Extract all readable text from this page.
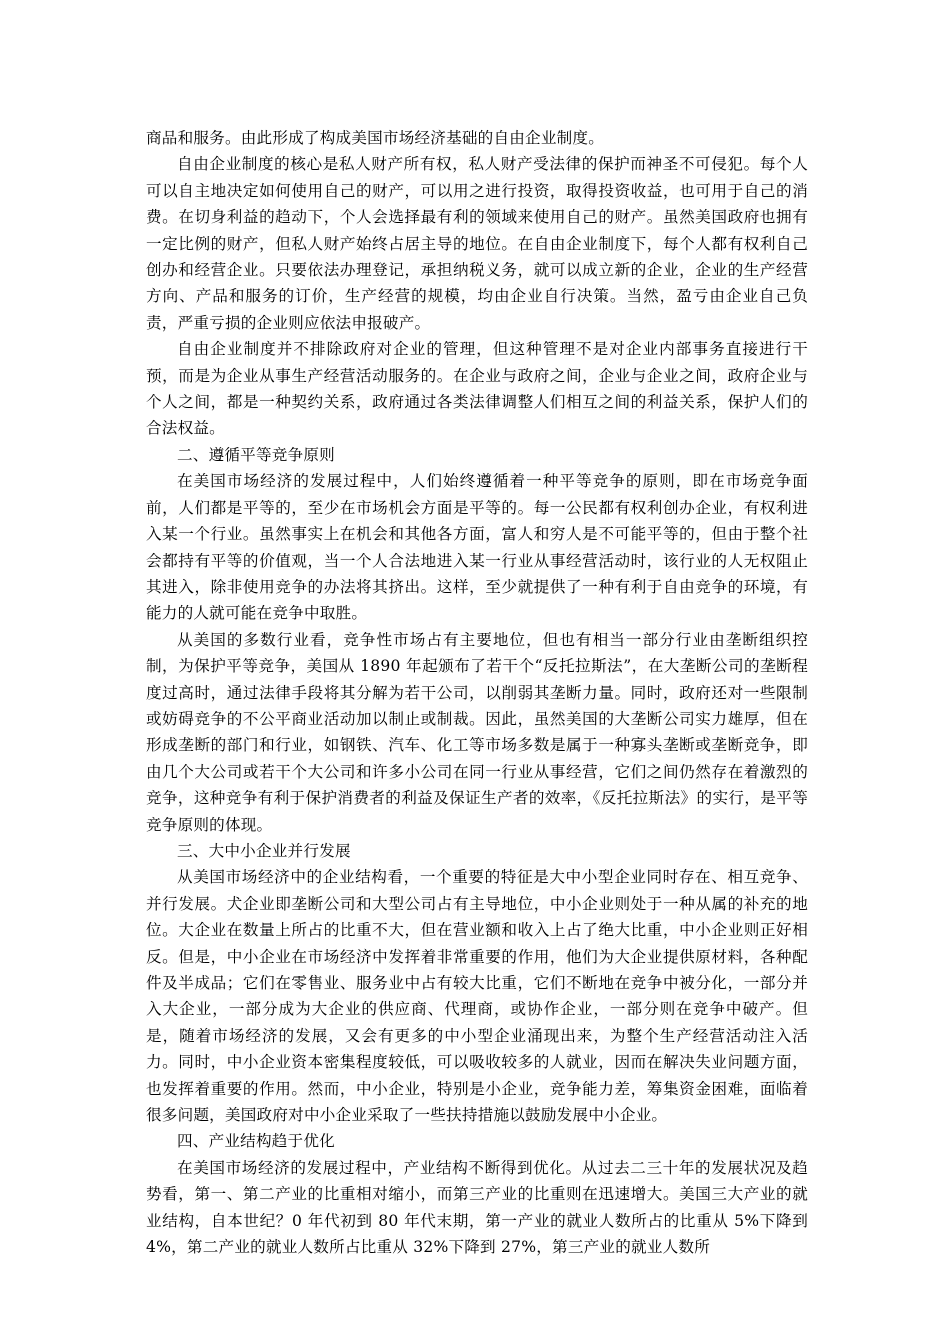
商品和服务。由此形成了构成美国市场经济基础的自由企业制度。

自由企业制度的核心是私人财产所有权，私人财产受法律的保护而神圣不可侵犯。每个人可以自主地决定如何使用自己的财产，可以用之进行投资，取得投资收益，也可用于自己的消费。在切身利益的趋动下，个人会选择最有利的领域来使用自己的财产。虽然美国政府也拥有一定比例的财产，但私人财产始终占居主导的地位。在自由企业制度下，每个人都有权利自己创办和经营企业。只要依法办理登记，承担纳税义务，就可以成立新的企业，企业的生产经营方向、产品和服务的订价，生产经营的规模，均由企业自行决策。当然，盈亏由企业自己负责，严重亏损的企业则应依法申报破产。

自由企业制度并不排除政府对企业的管理，但这种管理不是对企业内部事务直接进行干预，而是为企业从事生产经营活动服务的。在企业与政府之间，企业与企业之间，政府企业与个人之间，都是一种契约关系，政府通过各类法律调整人们相互之间的利益关系，保护人们的合法权益。

二、遵循平等竞争原则

在美国市场经济的发展过程中，人们始终遵循着一种平等竞争的原则，即在市场竞争面前，人们都是平等的，至少在市场机会方面是平等的。每一公民都有权利创办企业，有权利进入某一个行业。虽然事实上在机会和其他各方面，富人和穷人是不可能平等的，但由于整个社会都持有平等的价值观，当一个人合法地进入某一行业从事经营活动时，该行业的人无权阻止其进入，除非使用竞争的办法将其挤出。这样，至少就提供了一种有利于自由竞争的环境，有能力的人就可能在竞争中取胜。

从美国的多数行业看，竞争性市场占有主要地位，但也有相当一部分行业由垄断组织控制，为保护平等竞争，美国从 1890 年起颁布了若干个“反托拉斯法”，在大垄断公司的垄断程度过高时，通过法律手段将其分解为若干公司，以削弱其垄断力量。同时，政府还对一些限制或妨碍竞争的不公平商业活动加以制止或制裁。因此，虽然美国的大垄断公司实力雄厚，但在形成垄断的部门和行业，如钢铁、汽车、化工等市场多数是属于一种寡头垄断或垄断竞争，即由几个大公司或若干个大公司和许多小公司在同一行业从事经营，它们之间仍然存在着激烈的竞争，这种竞争有利于保护消费者的利益及保证生产者的效率，《反托拉斯法》的实行，是平等竞争原则的体现。

三、大中小企业并行发展

从美国市场经济中的企业结构看，一个重要的特征是大中小型企业同时存在、相互竞争、并行发展。犬企业即垄断公司和大型公司占有主导地位，中小企业则处于一种从属的补充的地位。大企业在数量上所占的比重不大，但在营业额和收入上占了绝大比重，中小企业则正好相反。但是，中小企业在市场经济中发挥着非常重要的作用，他们为大企业提供原材料，各种配件及半成品；它们在零售业、服务业中占有较大比重，它们不断地在竞争中被分化，一部分并入大企业，一部分成为大企业的供应商、代理商，或协作企业，一部分则在竞争中破产。但是，随着市场经济的发展，又会有更多的中小型企业涌现出来，为整个生产经营活动注入活力。同时，中小企业资本密集程度较低，可以吸收较多的人就业，因而在解决失业问题方面，也发挥着重要的作用。然而，中小企业，特别是小企业，竞争能力差，筹集资金困难，面临着很多问题，美国政府对中小企业采取了一些扶持措施以鼓励发展中小企业。

四、产业结构趋于优化

在美国市场经济的发展过程中，产业结构不断得到优化。从过去二三十年的发展状况及趋势看，第一、第二产业的比重相对缩小，而第三产业的比重则在迅速增大。美国三大产业的就业结构，自本世纪？0 年代初到 80 年代末期，第一产业的就业人数所占的比重从 5%下降到 4%，第二产业的就业人数所占比重从 32%下降到 27%，第三产业的就业人数所
